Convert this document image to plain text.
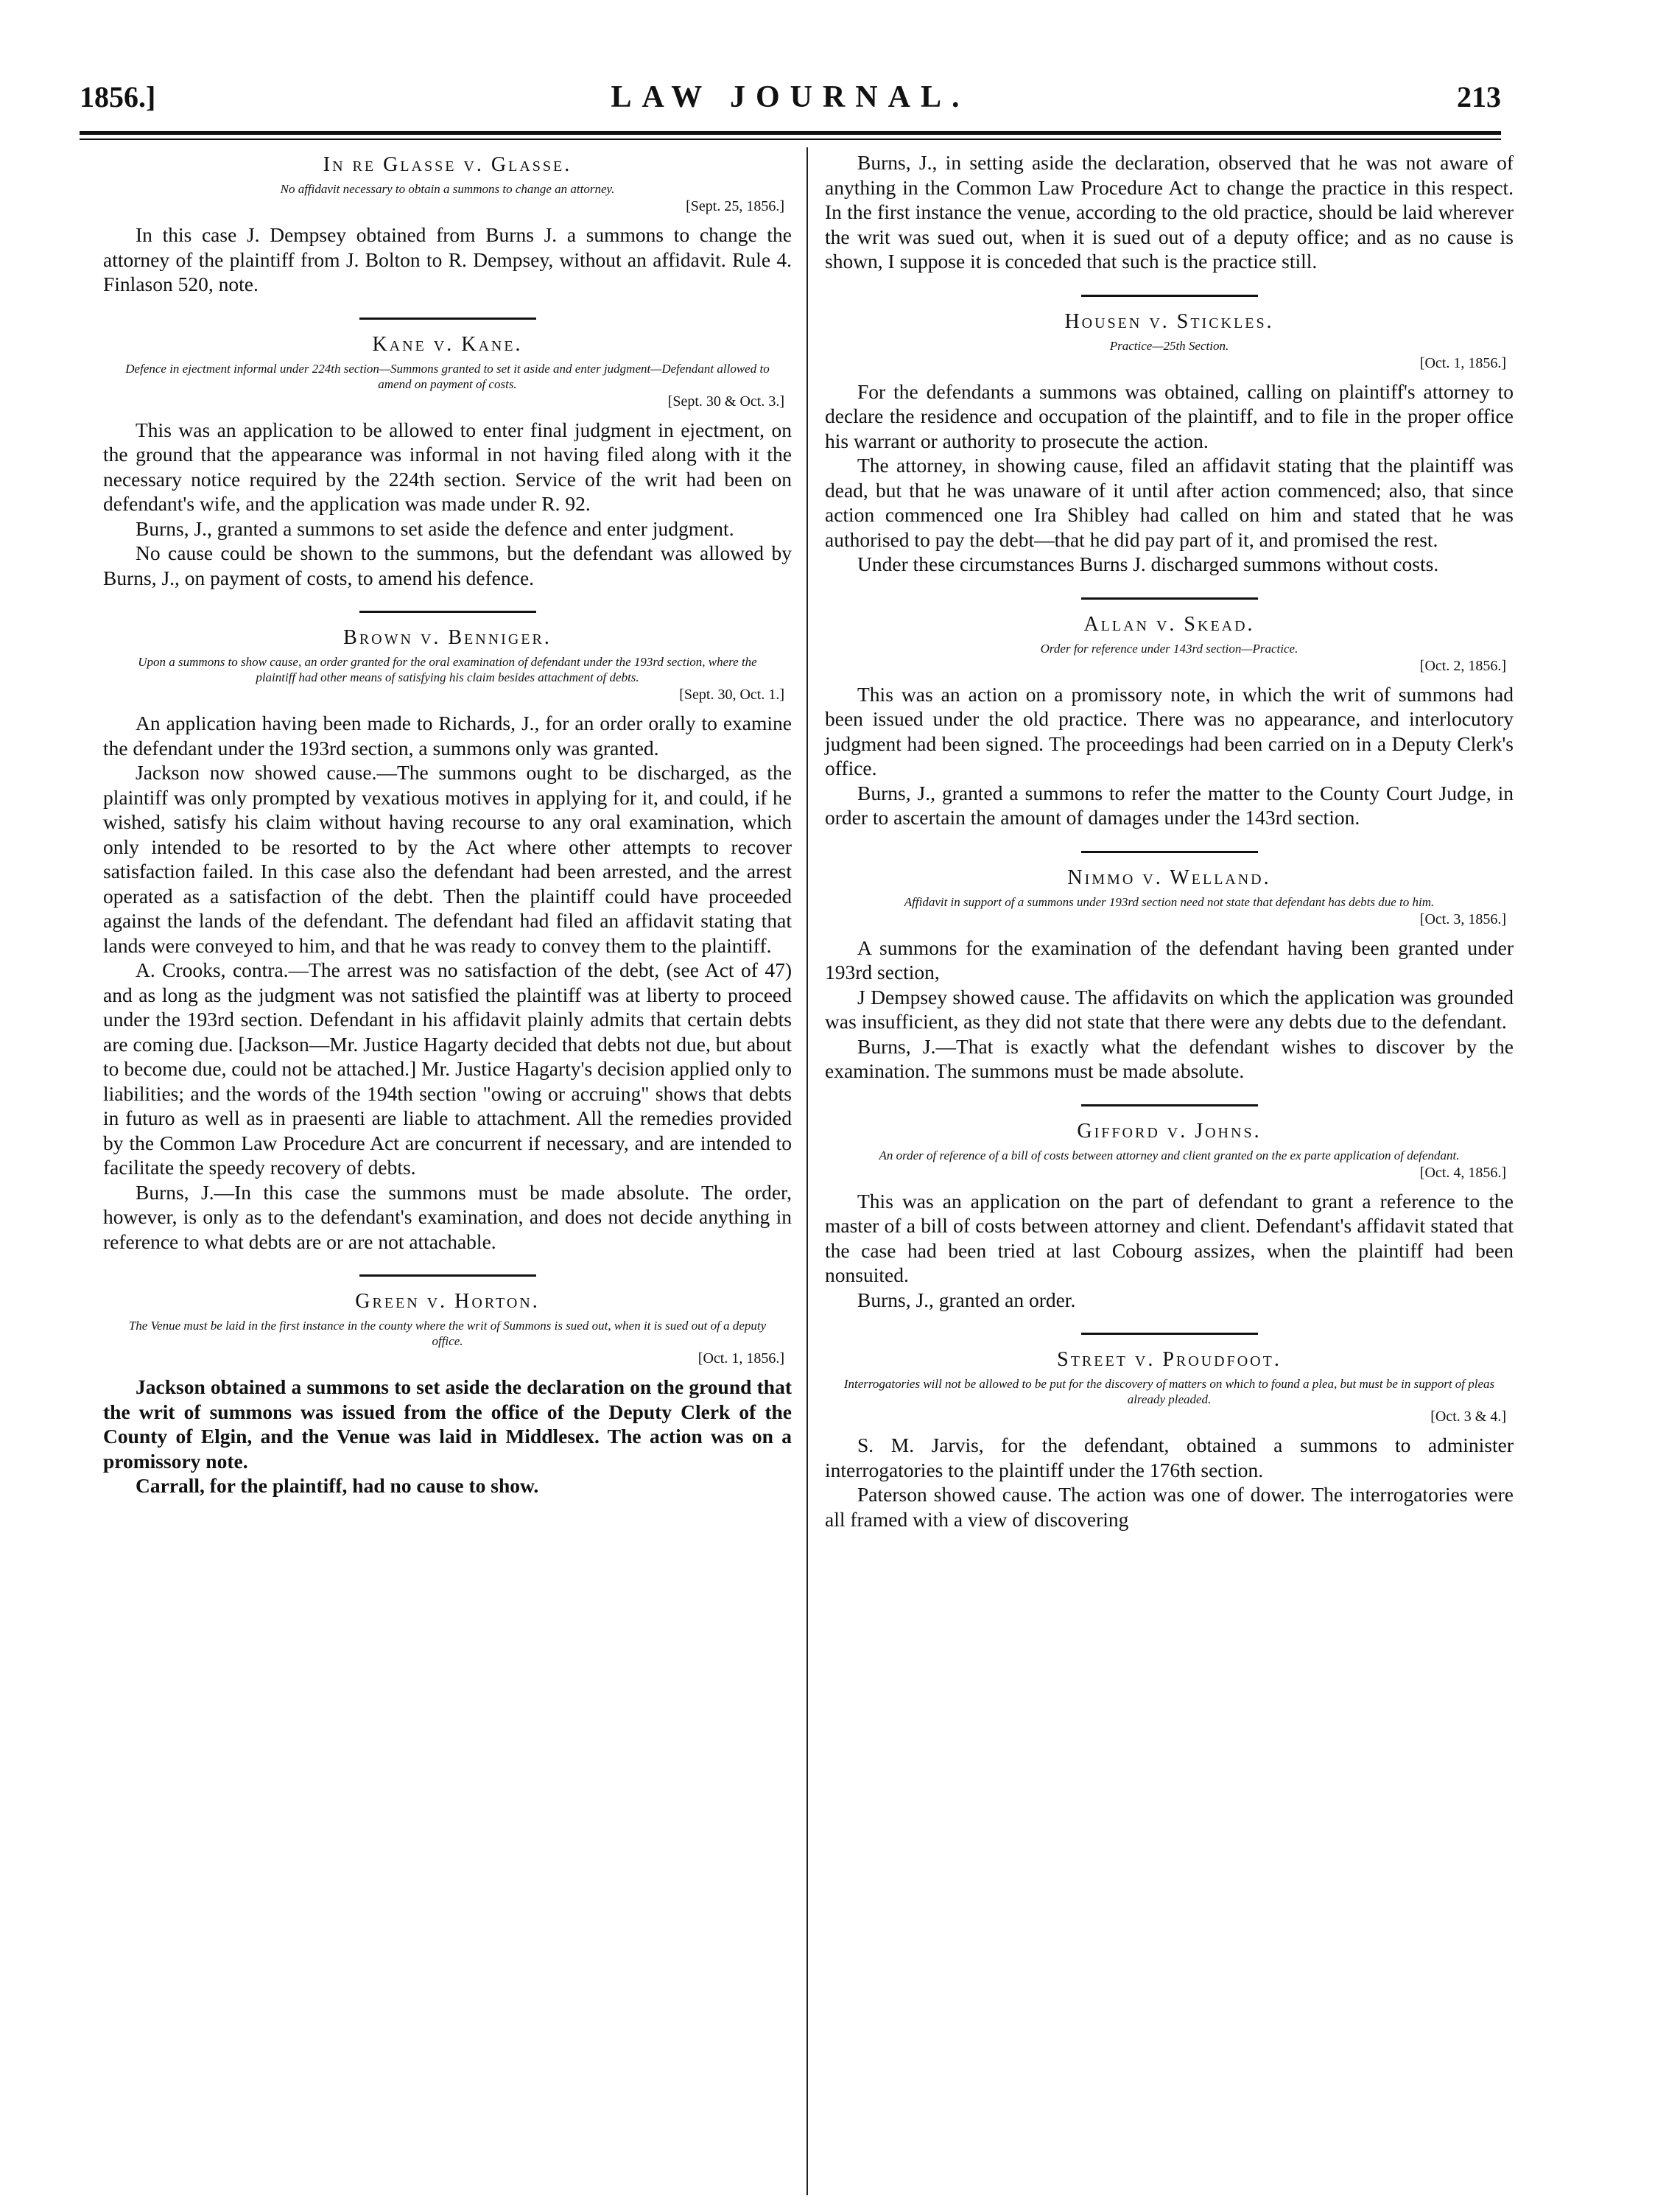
1856.]	LAW JOURNAL.	213
In re Glasse v. Glasse.
No affidavit necessary to obtain a summons to change an attorney.
[Sept. 25, 1856.]

In this case J. Dempsey obtained from Burns J. a summons to change the attorney of the plaintiff from J. Bolton to R. Dempsey, without an affidavit. Rule 4. Finlason 520, note.

Kane v. Kane.
Defence in ejectment informal under 224th section—Summons granted to set it aside and enter judgment—Defendant allowed to amend on payment of costs.
[Sept. 30 & Oct. 3.]

This was an application to be allowed to enter final judgment in ejectment, on the ground that the appearance was informal in not having filed along with it the necessary notice required by the 224th section. Service of the writ had been on defendant's wife, and the application was made under R. 92.

Burns, J., granted a summons to set aside the defence and enter judgment.

No cause could be shown to the summons, but the defendant was allowed by Burns, J., on payment of costs, to amend his defence.

Brown v. Benniger.
Upon a summons to show cause, an order granted for the oral examination of defendant under the 193rd section, where the plaintiff had other means of satisfying his claim besides attachment of debts.
[Sept. 30, Oct. 1.]

An application having been made to Richards, J., for an order orally to examine the defendant under the 193rd section, a summons only was granted.

Jackson now showed cause.—The summons ought to be discharged, as the plaintiff was only prompted by vexatious motives in applying for it, and could, if he wished, satisfy his claim without having recourse to any oral examination, which only intended to be resorted to by the Act where other attempts to recover satisfaction failed. In this case also the defendant had been arrested, and the arrest operated as a satisfaction of the debt. Then the plaintiff could have proceeded against the lands of the defendant. The defendant had filed an affidavit stating that lands were conveyed to him, and that he was ready to convey them to the plaintiff.

A. Crooks, contra.—The arrest was no satisfaction of the debt, (see Act of 47) and as long as the judgment was not satisfied the plaintiff was at liberty to proceed under the 193rd section. Defendant in his affidavit plainly admits that certain debts are coming due. [Jackson—Mr. Justice Hagarty decided that debts not due, but about to become due, could not be attached.] Mr. Justice Hagarty's decision applied only to liabilities; and the words of the 194th section "owing or accruing" shows that debts in futuro as well as in praesenti are liable to attachment. All the remedies provided by the Common Law Procedure Act are concurrent if necessary, and are intended to facilitate the speedy recovery of debts.

Burns, J.—In this case the summons must be made absolute. The order, however, is only as to the defendant's examination, and does not decide anything in reference to what debts are or are not attachable.

Green v. Horton.
The Venue must be laid in the first instance in the county where the writ of Summons is sued out, when it is sued out of a deputy office.
[Oct. 1, 1856.]

Jackson obtained a summons to set aside the declaration on the ground that the writ of summons was issued from the office of the Deputy Clerk of the County of Elgin, and the Venue was laid in Middlesex. The action was on a promissory note.

Carrall, for the plaintiff, had no cause to show.

Burns, J., in setting aside the declaration, observed that he was not aware of anything in the Common Law Procedure Act to change the practice in this respect. In the first instance the venue, according to the old practice, should be laid wherever the writ was sued out, when it is sued out of a deputy office; and as no cause is shown, I suppose it is conceded that such is the practice still.

Housen v. Stickles.
Practice—25th Section.
[Oct. 1, 1856.]

For the defendants a summons was obtained, calling on plaintiff's attorney to declare the residence and occupation of the plaintiff, and to file in the proper office his warrant or authority to prosecute the action.

The attorney, in showing cause, filed an affidavit stating that the plaintiff was dead, but that he was unaware of it until after action commenced; also, that since action commenced one Ira Shibley had called on him and stated that he was authorised to pay the debt—that he did pay part of it, and promised the rest.

Under these circumstances Burns J. discharged summons without costs.

Allan v. Skead.
Order for reference under 143rd section—Practice.
[Oct. 2, 1856.]

This was an action on a promissory note, in which the writ of summons had been issued under the old practice. There was no appearance, and interlocutory judgment had been signed. The proceedings had been carried on in a Deputy Clerk's office.

Burns, J., granted a summons to refer the matter to the County Court Judge, in order to ascertain the amount of damages under the 143rd section.

Nimmo v. Welland.
Affidavit in support of a summons under 193rd section need not state that defendant has debts due to him.
[Oct. 3, 1856.]

A summons for the examination of the defendant having been granted under 193rd section,

J Dempsey showed cause. The affidavits on which the application was grounded was insufficient, as they did not state that there were any debts due to the defendant.

Burns, J.—That is exactly what the defendant wishes to discover by the examination. The summons must be made absolute.

Gifford v. Johns.
An order of reference of a bill of costs between attorney and client granted on the ex parte application of defendant.
[Oct. 4, 1856.]

This was an application on the part of defendant to grant a reference to the master of a bill of costs between attorney and client. Defendant's affidavit stated that the case had been tried at last Cobourg assizes, when the plaintiff had been nonsuited.

Burns, J., granted an order.

Street v. Proudfoot.
Interrogatories will not be allowed to be put for the discovery of matters on which to found a plea, but must be in support of pleas already pleaded.
[Oct. 3 & 4.]

S. M. Jarvis, for the defendant, obtained a summons to administer interrogatories to the plaintiff under the 176th section.

Paterson showed cause. The action was one of dower. The interrogatories were all framed with a view of discovering
